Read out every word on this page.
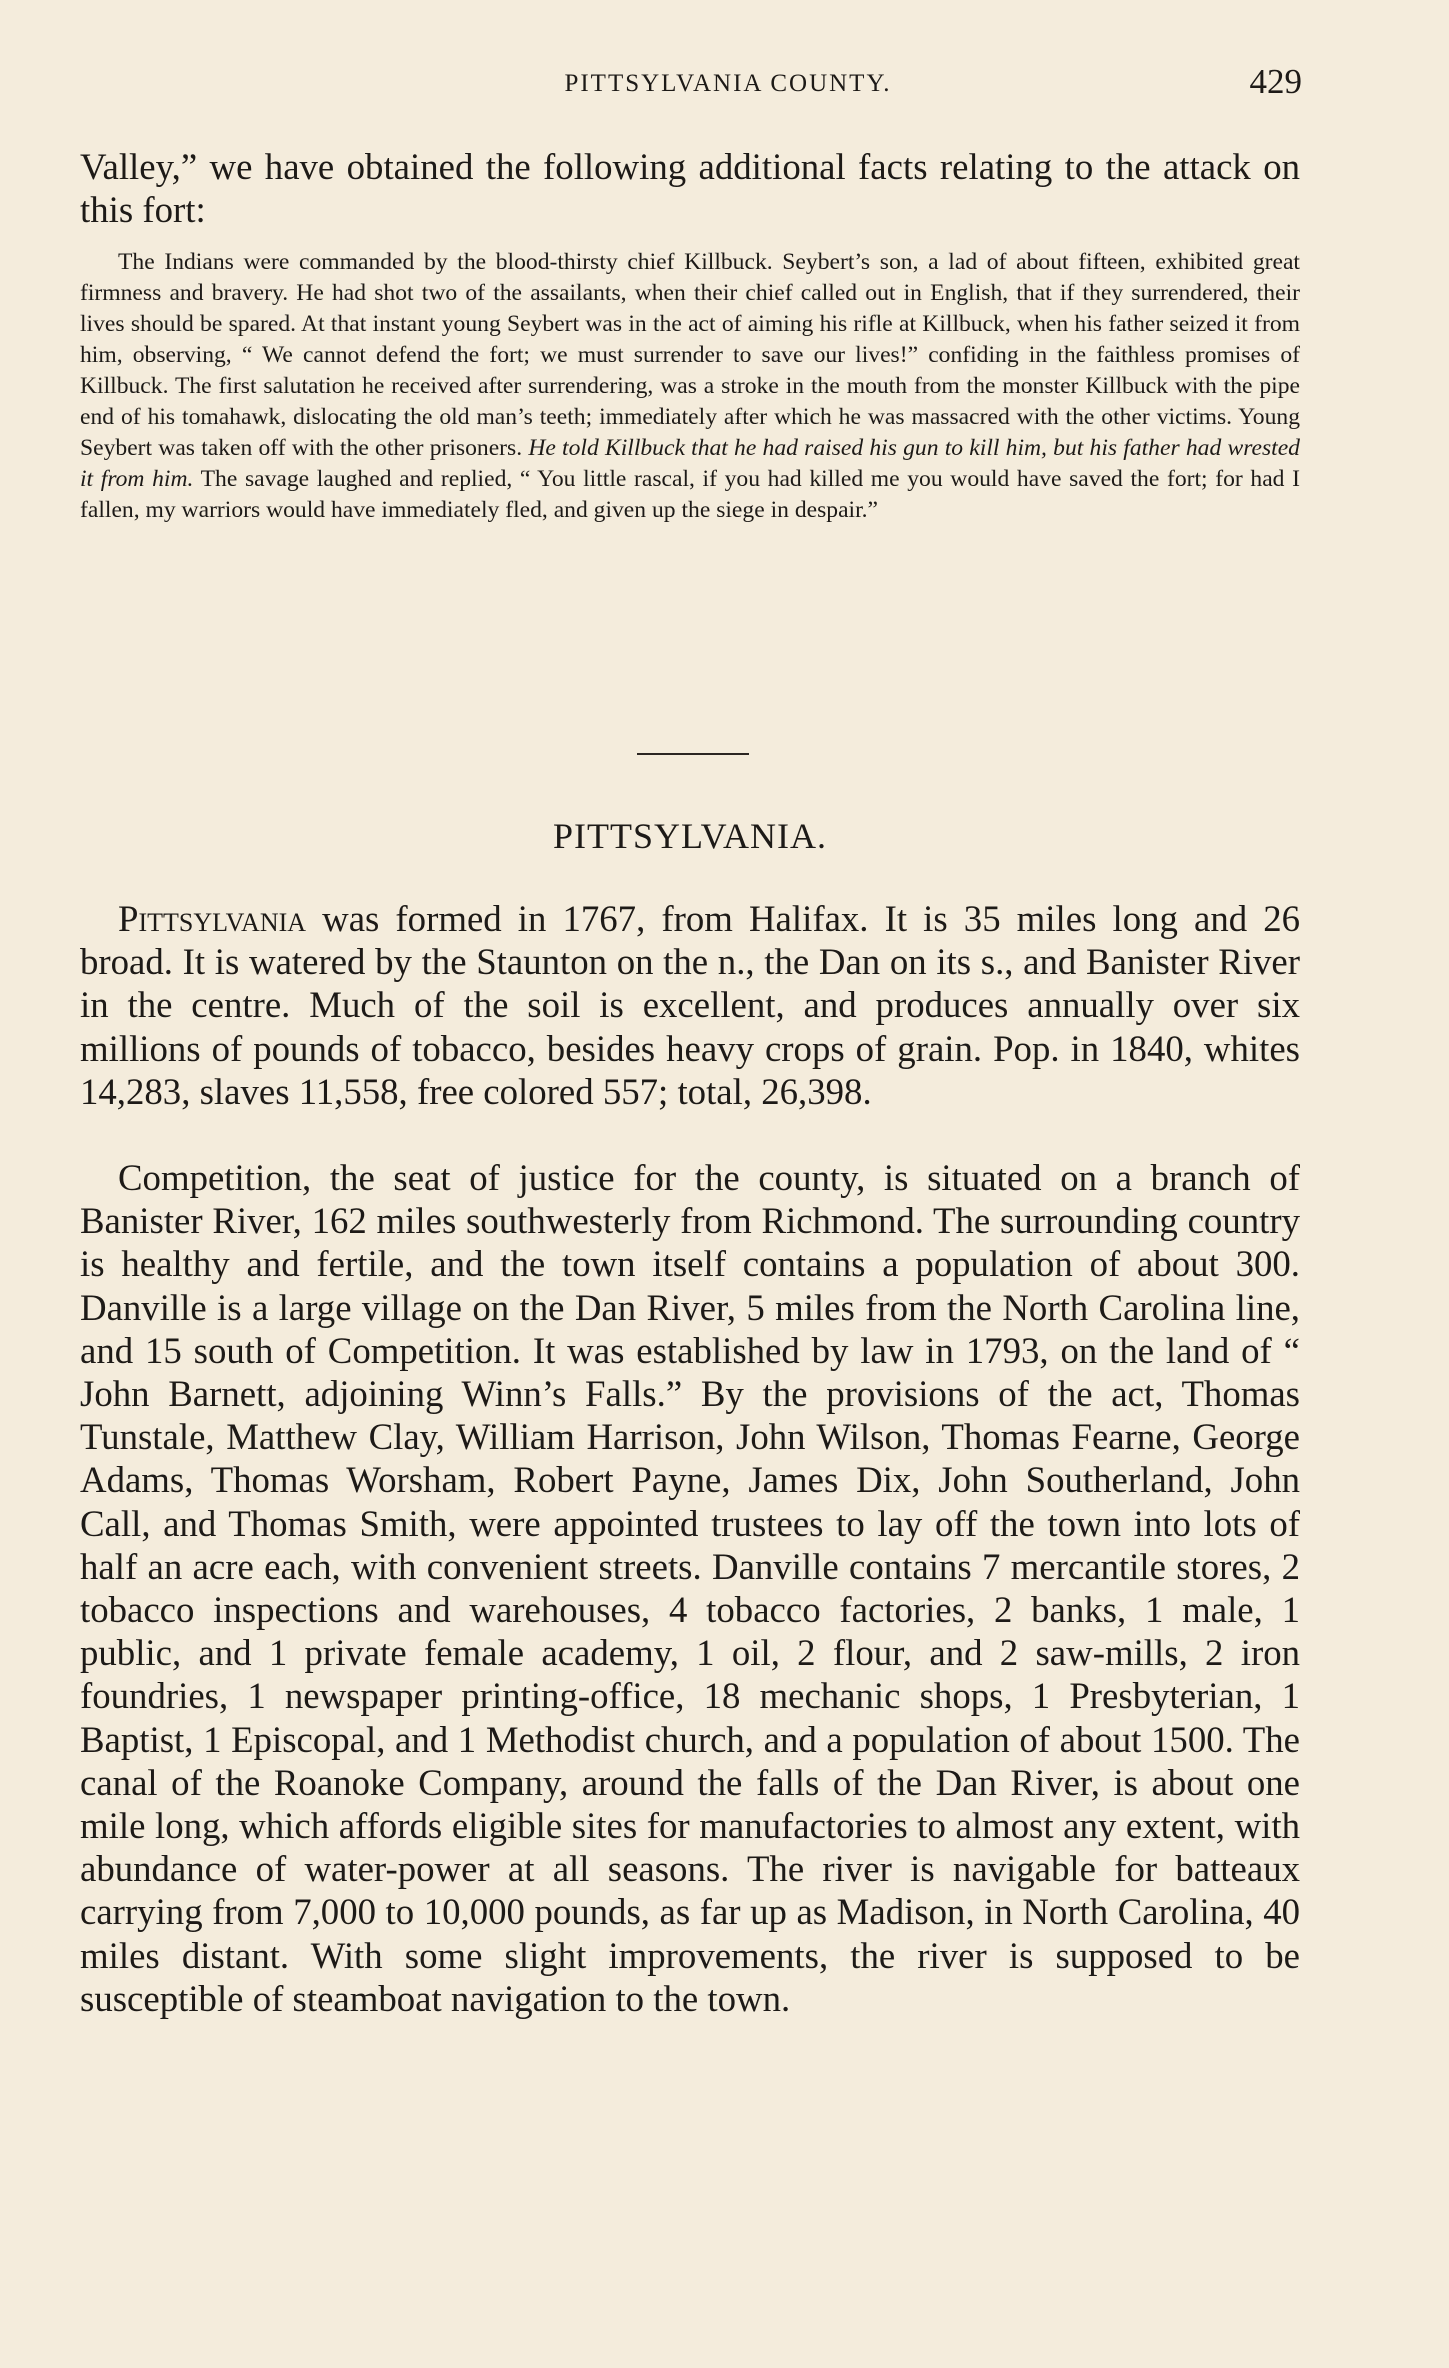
PITTSYLVANIA COUNTY.	429

Valley,” we have obtained the following additional facts relating to the attack on this fort:

The Indians were commanded by the blood-thirsty chief Killbuck. Seybert’s son, a lad of about fifteen, exhibited great firmness and bravery. He had shot two of the assailants, when their chief called out in English, that if they surrendered, their lives should be spared. At that instant young Seybert was in the act of aiming his rifle at Killbuck, when his father seized it from him, observing, “ We cannot defend the fort; we must surrender to save our lives!” confiding in the faithless promises of Killbuck. The first salutation he received after surrendering, was a stroke in the mouth from the monster Killbuck with the pipe end of his tomahawk, dislocating the old man’s teeth; immediately after which he was massacred with the other victims. Young Seybert was taken off with the other prisoners. He told Killbuck that he had raised his gun to kill him, but his father had wrested it from him. The savage laughed and replied, “ You little rascal, if you had killed me you would have saved the fort; for had I fallen, my warriors would have immediately fled, and given up the siege in despair.”

PITTSYLVANIA.

Pittsylvania was formed in 1767, from Halifax. It is 35 miles long and 26 broad. It is watered by the Staunton on the n., the Dan on its s., and Banister River in the centre. Much of the soil is excellent, and produces annually over six millions of pounds of tobacco, besides heavy crops of grain. Pop. in 1840, whites 14,283, slaves 11,558, free colored 557; total, 26,398.

Competition, the seat of justice for the county, is situated on a branch of Banister River, 162 miles southwesterly from Richmond. The surrounding country is healthy and fertile, and the town itself contains a population of about 300. Danville is a large village on the Dan River, 5 miles from the North Carolina line, and 15 south of Competition. It was established by law in 1793, on the land of “ John Barnett, adjoining Winn’s Falls.” By the provisions of the act, Thomas Tunstale, Matthew Clay, William Harrison, John Wilson, Thomas Fearne, George Adams, Thomas Worsham, Robert Payne, James Dix, John Southerland, John Call, and Thomas Smith, were appointed trustees to lay off the town into lots of half an acre each, with convenient streets. Danville contains 7 mercantile stores, 2 tobacco inspections and warehouses, 4 tobacco factories, 2 banks, 1 male, 1 public, and 1 private female academy, 1 oil, 2 flour, and 2 saw-mills, 2 iron foundries, 1 newspaper printing-office, 18 mechanic shops, 1 Presbyterian, 1 Baptist, 1 Episcopal, and 1 Methodist church, and a population of about 1500. The canal of the Roanoke Company, around the falls of the Dan River, is about one mile long, which affords eligible sites for manufactories to almost any extent, with abundance of water-power at all seasons. The river is navigable for batteaux carrying from 7,000 to 10,000 pounds, as far up as Madison, in North Carolina, 40 miles distant. With some slight improvements, the river is supposed to be susceptible of steamboat navigation to the town.
